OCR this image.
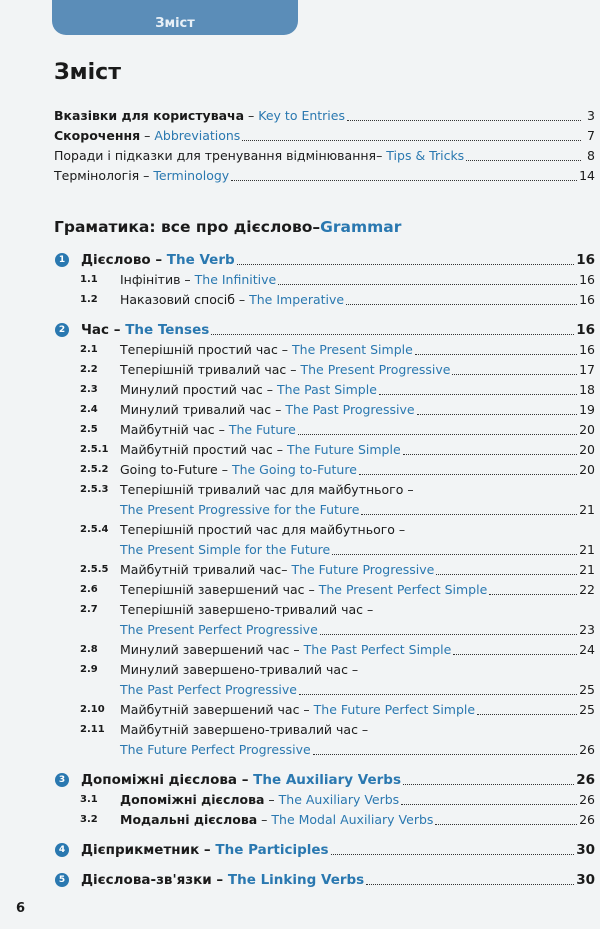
Зміст
Зміст
Вказівки для користувача – Key to Entries	3
Скорочення – Abbreviations	7
Поради і підказки для тренування відмінювання– Tips & Tricks	8
Термінологія – Terminology	14
Граматика: все про дієслово – Grammar
1 Дієслово – The Verb	16
1.1	Інфінітив – The Infinitive	16
1.2	Наказовий спосіб – The Imperative	16
2 Час – The Tenses	16
2.1	Теперішній простий час – The Present Simple	16
2.2	Теперішній тривалий час – The Present Progressive	17
2.3	Минулий простий час – The Past Simple	18
2.4	Минулий тривалий час – The Past Progressive	19
2.5	Майбутній час – The Future	20
2.5.1 Майбутній простий час – The Future Simple	20
2.5.2 Going to-Future – The Going to-Future	20
2.5.3 Теперішній тривалий час для майбутнього –
The Present Progressive for the Future	21
2.5.4 Теперішній простий час для майбутнього –
The Present Simple for the Future	21
2.5.5 Майбутній тривалий час– The Future Progressive	21
2.6	Теперішній завершений час – The Present Perfect Simple	22
2.7	Теперішній завершено-тривалий час –
The Present Perfect Progressive	23
2.8	Минулий завершений час – The Past Perfect Simple	24
2.9	Минулий завершено-тривалий час –
The Past Perfect Progressive	25
2.10	Майбутній завершений час – The Future Perfect Simple	25
2.11	Майбутній завершено-тривалий час –
The Future Perfect Progressive	26
3 Допоміжні дієслова – The Auxiliary Verbs	26
3.1	Допоміжні дієслова – The Auxiliary Verbs	26
3.2	Модальні дієслова – The Modal Auxiliary Verbs	26
4 Дієприкметник – The Participles	30
5 Дієслова-зв'язки – The Linking Verbs	30
6
